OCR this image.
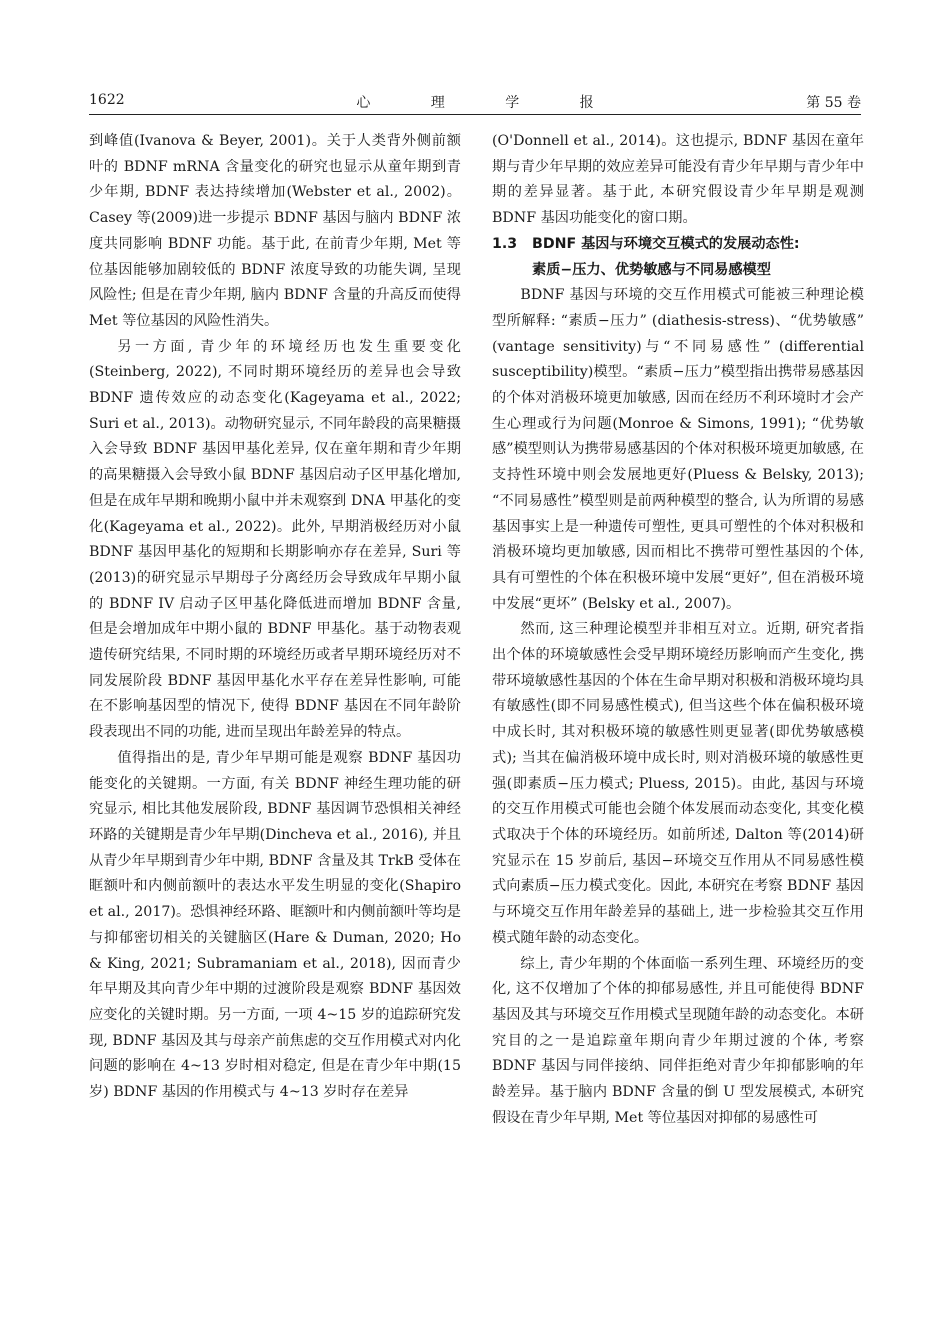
1622	心 理 学 报	第 55 卷

到峰值(Ivanova & Beyer, 2001)。关于人类背外侧前额叶的 BDNF mRNA 含量变化的研究也显示从童年期到青少年期, BDNF 表达持续增加(Webster et al., 2002)。Casey 等(2009)进一步提示 BDNF 基因与脑内 BDNF 浓度共同影响 BDNF 功能。基于此, 在前青少年期, Met 等位基因能够加剧较低的 BDNF 浓度导致的功能失调, 呈现风险性; 但是在青少年期, 脑内 BDNF 含量的升高反而使得 Met 等位基因的风险性消失。

另一方面, 青少年的环境经历也发生重要变化(Steinberg, 2022), 不同时期环境经历的差异也会导致 BDNF 遗传效应的动态变化(Kageyama et al., 2022; Suri et al., 2013)。动物研究显示, 不同年龄段的高果糖摄入会导致 BDNF 基因甲基化差异, 仅在童年期和青少年期的高果糖摄入会导致小鼠 BDNF 基因启动子区甲基化增加, 但是在成年早期和晚期小鼠中并未观察到 DNA 甲基化的变化(Kageyama et al., 2022)。此外, 早期消极经历对小鼠 BDNF 基因甲基化的短期和长期影响亦存在差异, Suri 等(2013)的研究显示早期母子分离经历会导致成年早期小鼠的 BDNF IV 启动子区甲基化降低进而增加 BDNF 含量, 但是会增加成年中期小鼠的 BDNF 甲基化。基于动物表观遗传研究结果, 不同时期的环境经历或者早期环境经历对不同发展阶段 BDNF 基因甲基化水平存在差异性影响, 可能在不影响基因型的情况下, 使得 BDNF 基因在不同年龄阶段表现出不同的功能, 进而呈现出年龄差异的特点。

值得指出的是, 青少年早期可能是观察 BDNF 基因功能变化的关键期。一方面, 有关 BDNF 神经生理功能的研究显示, 相比其他发展阶段, BDNF 基因调节恐惧相关神经环路的关键期是青少年早期(Dincheva et al., 2016), 并且从青少年早期到青少年中期, BDNF 含量及其 TrkB 受体在眶额叶和内侧前额叶的表达水平发生明显的变化(Shapiro et al., 2017)。恐惧神经环路、眶额叶和内侧前额叶等均是与抑郁密切相关的关键脑区(Hare & Duman, 2020; Ho & King, 2021; Subramaniam et al., 2018), 因而青少年早期及其向青少年中期的过渡阶段是观察 BDNF 基因效应变化的关键时期。另一方面, 一项 4~15 岁的追踪研究发现, BDNF 基因及其与母亲产前焦虑的交互作用模式对内化问题的影响在 4~13 岁时相对稳定, 但是在青少年中期(15 岁) BDNF 基因的作用模式与 4~13 岁时存在差异

(O'Donnell et al., 2014)。这也提示, BDNF 基因在童年期与青少年早期的效应差异可能没有青少年早期与青少年中期的差异显著。基于此, 本研究假设青少年早期是观测 BDNF 基因功能变化的窗口期。

1.3 BDNF 基因与环境交互模式的发展动态性:
素质−压力、优势敏感与不同易感模型

BDNF 基因与环境的交互作用模式可能被三种理论模型所解释: “素质−压力” (diathesis-stress)、“优势敏感” (vantage sensitivity)与“不同易感性” (differential susceptibility)模型。“素质−压力”模型指出携带易感基因的个体对消极环境更加敏感, 因而在经历不利环境时才会产生心理或行为问题(Monroe & Simons, 1991); “优势敏感”模型则认为携带易感基因的个体对积极环境更加敏感, 在支持性环境中则会发展地更好(Pluess & Belsky, 2013); “不同易感性”模型则是前两种模型的整合, 认为所谓的易感基因事实上是一种遗传可塑性, 更具可塑性的个体对积极和消极环境均更加敏感, 因而相比不携带可塑性基因的个体, 具有可塑性的个体在积极环境中发展“更好”, 但在消极环境中发展“更坏” (Belsky et al., 2007)。

然而, 这三种理论模型并非相互对立。近期, 研究者指出个体的环境敏感性会受早期环境经历影响而产生变化, 携带环境敏感性基因的个体在生命早期对积极和消极环境均具有敏感性(即不同易感性模式), 但当这些个体在偏积极环境中成长时, 其对积极环境的敏感性则更显著(即优势敏感模式); 当其在偏消极环境中成长时, 则对消极环境的敏感性更强(即素质−压力模式; Pluess, 2015)。由此, 基因与环境的交互作用模式可能也会随个体发展而动态变化, 其变化模式取决于个体的环境经历。如前所述, Dalton 等(2014)研究显示在 15 岁前后, 基因−环境交互作用从不同易感性模式向素质−压力模式变化。因此, 本研究在考察 BDNF 基因与环境交互作用年龄差异的基础上, 进一步检验其交互作用模式随年龄的动态变化。

综上, 青少年期的个体面临一系列生理、环境经历的变化, 这不仅增加了个体的抑郁易感性, 并且可能使得 BDNF 基因及其与环境交互作用模式呈现随年龄的动态变化。本研究目的之一是追踪童年期向青少年期过渡的个体, 考察 BDNF 基因与同伴接纳、同伴拒绝对青少年抑郁影响的年龄差异。基于脑内 BDNF 含量的倒 U 型发展模式, 本研究假设在青少年早期, Met 等位基因对抑郁的易感性可
